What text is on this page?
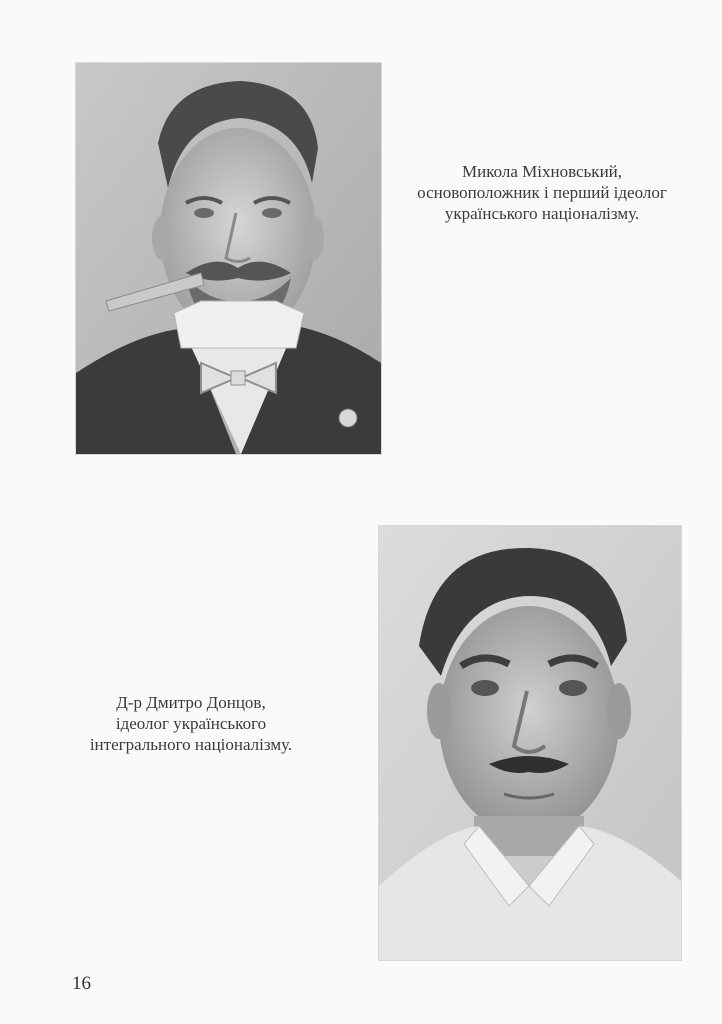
Микола Міхновський,
основоположник і перший ідеолог
українського націоналізму.
Д-р Дмитро Донцов,
ідеолог українського
інтегрального націоналізму.
16
